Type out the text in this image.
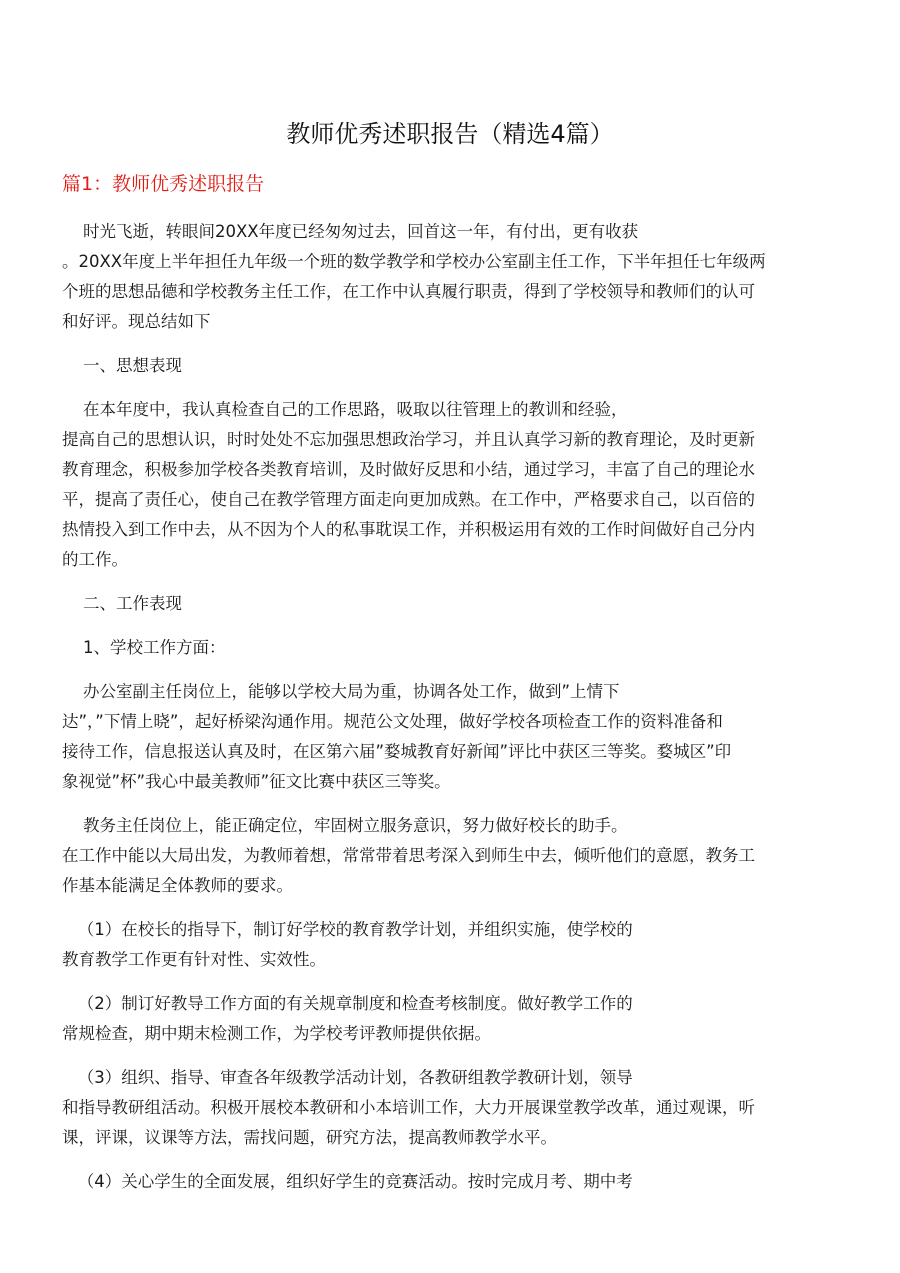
教师优秀述职报告（精选4篇）
篇1：教师优秀述职报告
时光飞逝，转眼间20XX年度已经匆匆过去，回首这一年，有付出，更有收获
。20XX年度上半年担任九年级一个班的数学教学和学校办公室副主任工作，下半年担任七年级两
个班的思想品德和学校教务主任工作，在工作中认真履行职责，得到了学校领导和教师们的认可
和好评。现总结如下
一、思想表现
在本年度中，我认真检查自己的工作思路，吸取以往管理上的教训和经验，
提高自己的思想认识，时时处处不忘加强思想政治学习，并且认真学习新的教育理论，及时更新
教育理念，积极参加学校各类教育培训，及时做好反思和小结，通过学习，丰富了自己的理论水
平，提高了责任心，使自己在教学管理方面走向更加成熟。在工作中，严格要求自己，以百倍的
热情投入到工作中去，从不因为个人的私事耽误工作，并积极运用有效的工作时间做好自己分内
的工作。
二、工作表现
1、学校工作方面：
办公室副主任岗位上，能够以学校大局为重，协调各处工作，做到”上情下
达”，”下情上晓”，起好桥梁沟通作用。规范公文处理，做好学校各项检查工作的资料准备和
接待工作，信息报送认真及时，在区第六届”婺城教育好新闻”评比中获区三等奖。婺城区”印
象视觉”杯”我心中最美教师”征文比赛中获区三等奖。
教务主任岗位上，能正确定位，牢固树立服务意识，努力做好校长的助手。
在工作中能以大局出发，为教师着想，常常带着思考深入到师生中去，倾听他们的意愿，教务工
作基本能满足全体教师的要求。
（1）在校长的指导下，制订好学校的教育教学计划，并组织实施，使学校的
教育教学工作更有针对性、实效性。
（2）制订好教导工作方面的有关规章制度和检查考核制度。做好教学工作的
常规检查，期中期末检测工作，为学校考评教师提供依据。
（3）组织、指导、审查各年级教学活动计划，各教研组教学教研计划，领导
和指导教研组活动。积极开展校本教研和小本培训工作，大力开展课堂教学改革，通过观课，听
课，评课，议课等方法，需找问题，研究方法，提高教师教学水平。
（4）关心学生的全面发展，组织好学生的竞赛活动。按时完成月考、期中考
